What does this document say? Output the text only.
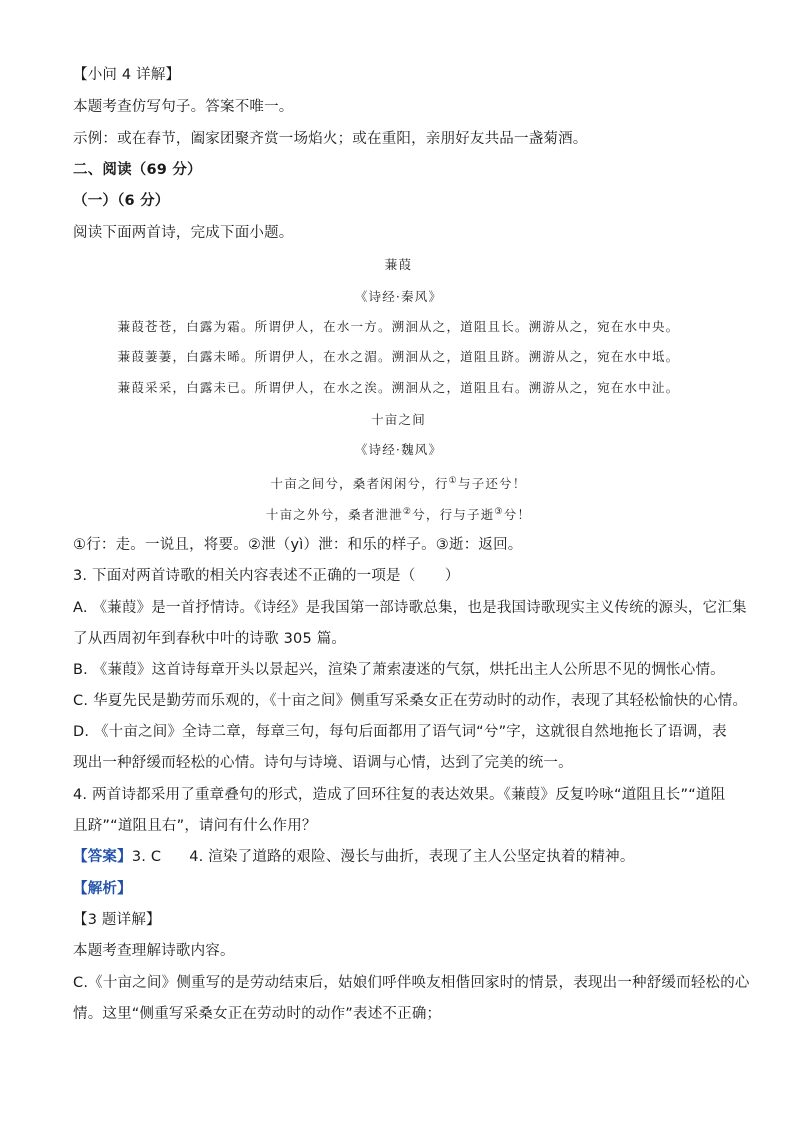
【小问 4 详解】
本题考查仿写句子。答案不唯一。
示例：或在春节，阖家团聚齐赏一场焰火；或在重阳，亲朋好友共品一盏菊酒。
二、阅读（69 分）
（一）（6 分）
阅读下面两首诗，完成下面小题。
蒹葭
《诗经·秦风》
蒹葭苍苍，白露为霜。所谓伊人，在水一方。溯洄从之，道阻且长。溯游从之，宛在水中央。
蒹葭萋萋，白露未晞。所谓伊人，在水之湄。溯洄从之，道阻且跻。溯游从之，宛在水中坻。
蒹葭采采，白露未已。所谓伊人，在水之涘。溯洄从之，道阻且右。溯游从之，宛在水中沚。
十亩之间
《诗经·魏风》
十亩之间兮，桑者闲闲兮，行①与子还兮！
十亩之外兮，桑者泄泄②兮，行与子逝③兮！
①行：走。一说且，将要。②泄（yì）泄：和乐的样子。③逝：返回。
3. 下面对两首诗歌的相关内容表述不正确的一项是（　　）
A. 《蒹葭》是一首抒情诗。《诗经》是我国第一部诗歌总集，也是我国诗歌现实主义传统的源头，它汇集
了从西周初年到春秋中叶的诗歌 305 篇。
B. 《蒹葭》这首诗每章开头以景起兴，渲染了萧索凄迷的气氛，烘托出主人公所思不见的惆怅心情。
C. 华夏先民是勤劳而乐观的，《十亩之间》侧重写采桑女正在劳动时的动作，表现了其轻松愉快的心情。
D. 《十亩之间》全诗二章，每章三句，每句后面都用了语气词“兮”字，这就很自然地拖长了语调，表
现出一种舒缓而轻松的心情。诗句与诗境、语调与心情，达到了完美的统一。
4. 两首诗都采用了重章叠句的形式，造成了回环往复的表达效果。《蒹葭》反复吟咏“道阻且长”“道阻
且跻”“道阻且右”，请问有什么作用？
【答案】3. C 4. 渲染了道路的艰险、漫长与曲折，表现了主人公坚定执着的精神。
【解析】
【3 题详解】
本题考查理解诗歌内容。
C.《十亩之间》侧重写的是劳动结束后，姑娘们呼伴唤友相偕回家时的情景，表现出一种舒缓而轻松的心
情。这里“侧重写采桑女正在劳动时的动作”表述不正确；
